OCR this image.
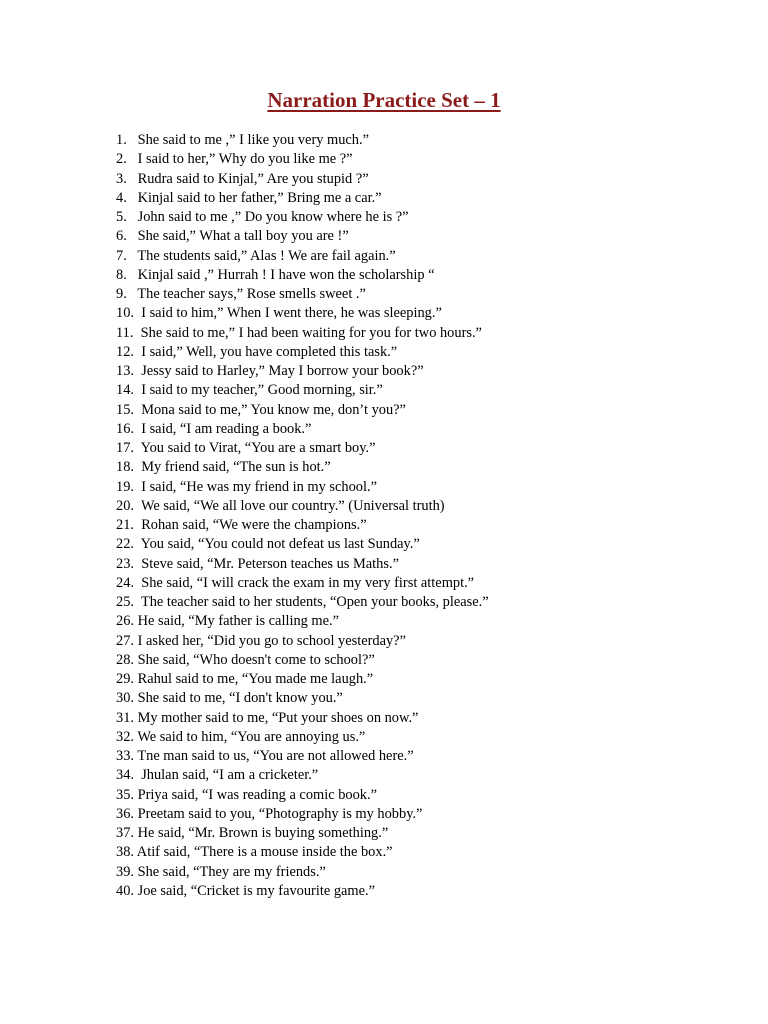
Narration Practice Set – 1
1.   She said to me ,” I like you very much.”
2.   I said to her,” Why do you like me ?”
3.   Rudra said to Kinjal,” Are you stupid ?”
4.   Kinjal said to her father,” Bring me a car.”
5.   John said to me ,” Do you know where he is ?”
6.   She said,” What a tall boy you are !”
7.   The students said,” Alas ! We are fail again.”
8.   Kinjal said ,” Hurrah ! I have won the scholarship “
9.   The teacher says,” Rose smells sweet .”
10.  I said to him,” When I went there, he was sleeping.”
11.  She said to me,” I had been waiting for you for two hours.”
12.  I said,” Well, you have completed this task.”
13.  Jessy said to Harley,” May I borrow your book?”
14.  I said to my teacher,” Good morning, sir.”
15.  Mona said to me,” You know me, don’t you?”
16.  I said, “I am reading a book.”
17.  You said to Virat, “You are a smart boy.”
18.  My friend said, “The sun is hot.”
19.  I said, “He was my friend in my school.”
20.  We said, “We all love our country.” (Universal truth)
21.  Rohan said, “We were the champions.”
22.  You said, “You could not defeat us last Sunday.”
23.  Steve said, “Mr. Peterson teaches us Maths.”
24.  She said, “I will crack the exam in my very first attempt.”
25.  The teacher said to her students, “Open your books, please.”
26. He said, “My father is calling me.”
27. I asked her, “Did you go to school yesterday?”
28. She said, “Who doesn't come to school?”
29. Rahul said to me, “You made me laugh.”
30. She said to me, “I don't know you.”
31. My mother said to me, “Put your shoes on now.”
32. We said to him, “You are annoying us.”
33. Tne man said to us, “You are not allowed here.”
34.  Jhulan said, “I am a cricketer.”
35. Priya said, “I was reading a comic book.”
36. Preetam said to you, “Photography is my hobby.”
37. He said, “Mr. Brown is buying something.”
38. Atif said, “There is a mouse inside the box.”
39. She said, “They are my friends.”
40. Joe said, “Cricket is my favourite game.”
